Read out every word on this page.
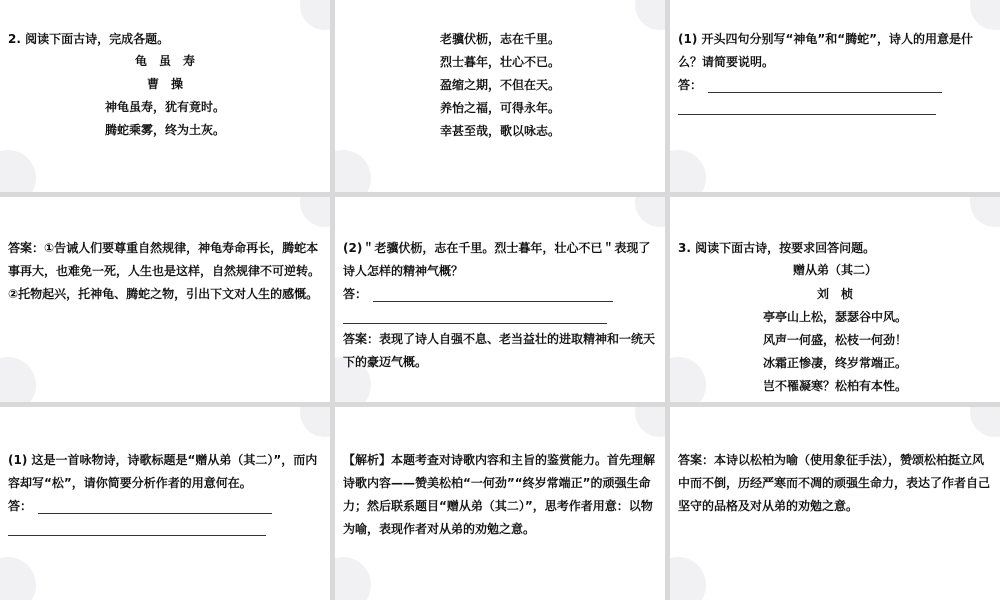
2. 阅读下面古诗，完成各题。
龟　虽　寿
曹　操
神龟虽寿，犹有竟时。
腾蛇乘雾，终为土灰。
老骥伏枥，志在千里。
烈士暮年，壮心不已。
盈缩之期，不但在天。
养怡之福，可得永年。
幸甚至哉，歌以咏志。
(1) 开头四句分别写“神龟”和“腾蛇”，诗人的用意是什么？请简要说明。
答：
答案：①告诫人们要尊重自然规律，神龟寿命再长，腾蛇本事再大，也难免一死，人生也是这样，自然规律不可逆转。②托物起兴，托神龟、腾蛇之物，引出下文对人生的感慨。
(2)＂老骥伏枥，志在千里。烈士暮年，壮心不已＂表现了诗人怎样的精神气概？
答：
答案：表现了诗人自强不息、老当益壮的进取精神和一统天下的豪迈气概。
3. 阅读下面古诗，按要求回答问题。
赠从弟（其二）
刘　桢
亭亭山上松，瑟瑟谷中风。
风声一何盛，松枝一何劲！
冰霜正惨凄，终岁常端正。
岂不罹凝寒？松柏有本性。
(1) 这是一首咏物诗，诗歌标题是“赠从弟（其二）”，而内容却写“松”，请你简要分析作者的用意何在。
答：
【解析】本题考查对诗歌内容和主旨的鉴赏能力。首先理解诗歌内容——赞美松柏“一何劲”“终岁常端正”的顽强生命力；然后联系题目“赠从弟（其二）”，思考作者用意：以物为喻，表现作者对从弟的劝勉之意。
答案：本诗以松柏为喻（使用象征手法），赞颂松柏挺立风中而不倒，历经严寒而不凋的顽强生命力，表达了作者自己坚守的品格及对从弟的劝勉之意。
